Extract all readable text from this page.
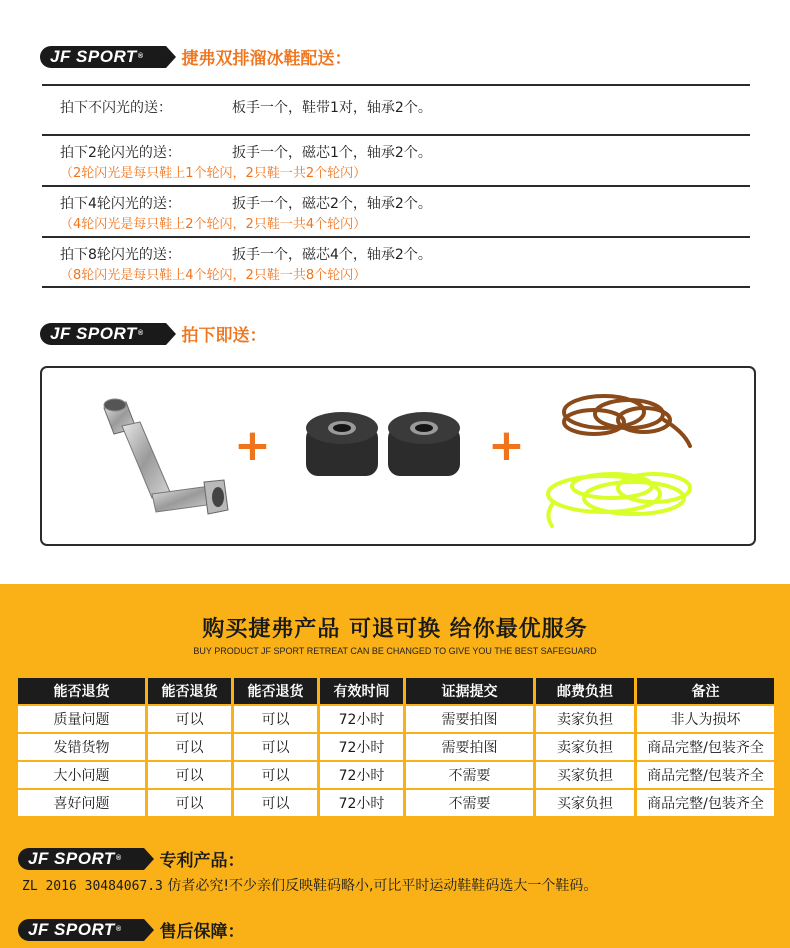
JF SPORT®	捷弗双排溜冰鞋配送：
拍下不闪光的送：	板手一个，鞋带1对，轴承2个。
拍下2轮闪光的送：	扳手一个，磁芯1个，轴承2个。
（2轮闪光是每只鞋上1个轮闪，2只鞋一共2个轮闪）
拍下4轮闪光的送：	扳手一个，磁芯2个，轴承2个。
（4轮闪光是每只鞋上2个轮闪，2只鞋一共4个轮闪）
拍下8轮闪光的送：	扳手一个，磁芯4个，轴承2个。
（8轮闪光是每只鞋上4个轮闪，2只鞋一共8个轮闪）
JF SPORT®	拍下即送：
+	+
购买捷弗产品 可退可换 给你最优服务
BUY PRODUCT JF SPORT RETREAT CAN BE CHANGED TO GIVE YOU THE BEST SAFEGUARD
能否退货	能否退货	能否退货	有效时间	证据提交	邮费负担	备注
质量问题	可以	可以	72小时	需要拍图	卖家负担	非人为损坏
发错货物	可以	可以	72小时	需要拍图	卖家负担	商品完整/包装齐全
大小问题	可以	可以	72小时	不需要	买家负担	商品完整/包装齐全
喜好问题	可以	可以	72小时	不需要	买家负担	商品完整/包装齐全
JF SPORT®	专利产品：
ZL 2016 30484067.3 仿者必究!不少亲们反映鞋码略小,可比平时运动鞋鞋码选大一个鞋码。
JF SPORT®	售后保障：
